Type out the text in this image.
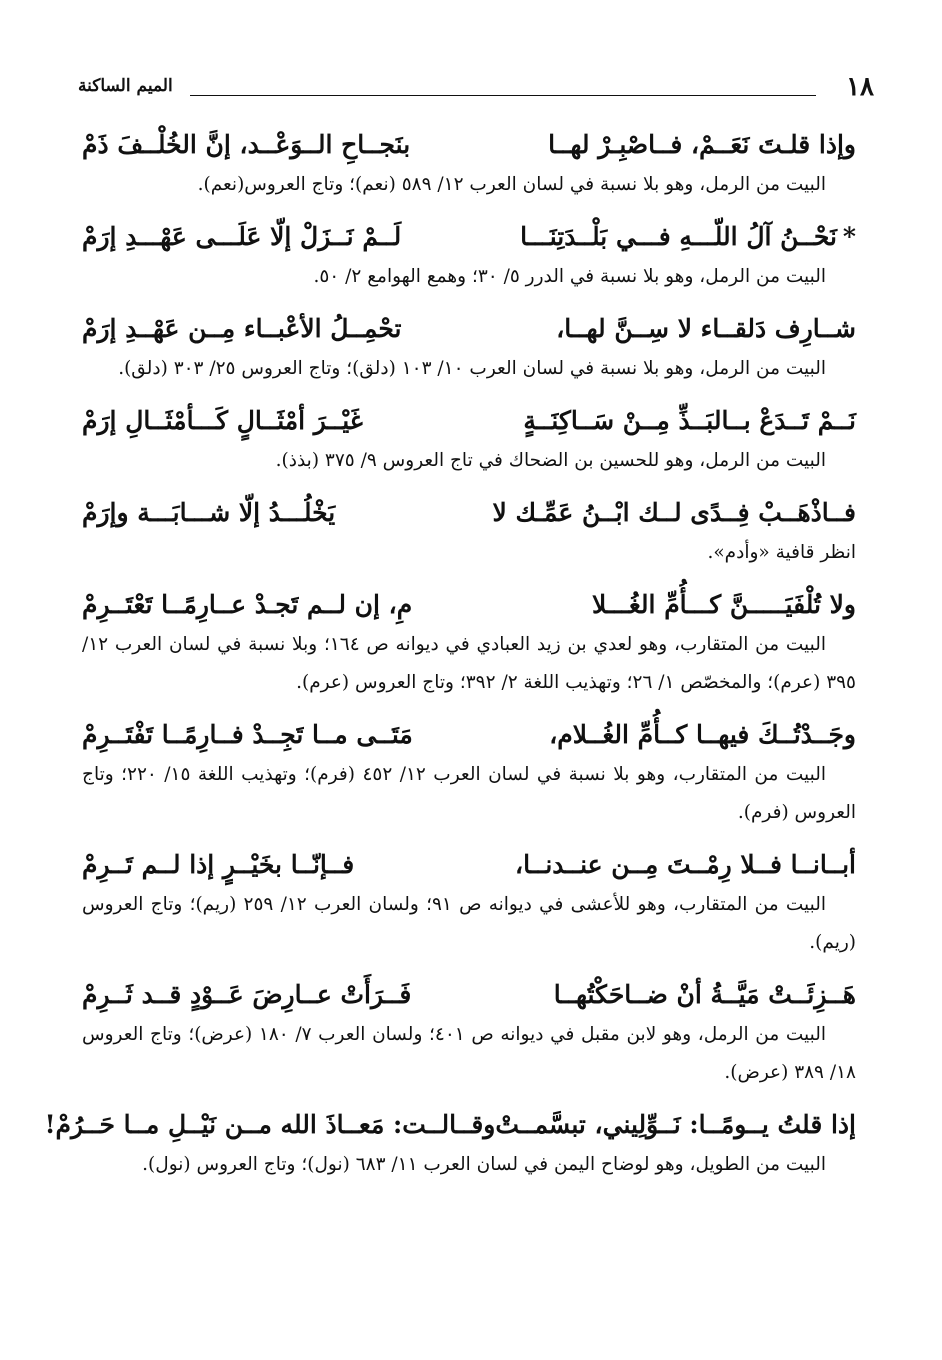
١٨
الميم الساكنة
وإذا قلـتَ نَعَــمْ، فــاصْبِـرْ لهــا
بنَجــاحِ الــوَعْــد، إنَّ الخُلْــفَ ذَمْ
البيت من الرمل، وهو بلا نسبة في لسان العرب ١٢/ ٥٨٩ (نعم)؛ وتاج العروس(نعم).
*نَحْــنُ آلُ اللّـــهِ فـــي بَلْــدَتِنَـــا
لَــمْ نَــزَلْ إلّا عَلَـــى عَهْـــدِ إرَمْ
البيت من الرمل، وهو بلا نسبة في الدرر ٥/ ٣٠؛ وهمع الهوامع ٢/ ٥٠.
شــارِف دَلقــاء لا سِــنَّ لهــا،
تحْمِــلُ الأعْبــاء مِــن عَهْــدِ إرَمْ
البيت من الرمل، وهو بلا نسبة في لسان العرب ١٠/ ١٠٣ (دلق)؛ وتاج العروس ٢٥/ ٣٠٣ (دلق).
نَــمْ تَــدَعْ بــالبَــذِّ مِــنْ سَــاكِنَــةٍ
غَيْــرَ أمْثَــالٍ كَـــأمْثَــالِ إرَمْ
البيت من الرمل، وهو للحسين بن الضحاك في تاج العروس ٩/ ٣٧٥ (بذذ).
فــاذْهَــبْ فِــدًى لــك ابْــنُ عَمِّـك لا
يَخْلُـــدُ إلّا شـــابَـــة وإرَمْ
انظر قافية «وأدم».
ولا تُلْفَيَـــــنَّ كـــأُمِّ الغُـــلا
مِ، إن لــم تَجـدْ عــارِمًــا تَعْتَــرِمْ
البيت من المتقارب، وهو لعدي بن زيد العبادي في ديوانه ص ١٦٤؛ وبلا نسبة في لسان العرب ١٢/ ٣٩٥ (عرم)؛ والمخصّص ١/ ٢٦؛ وتهذيب اللغة ٢/ ٣٩٢؛ وتاج العروس (عرم).
وجَــدْتُــكَ فيهــا كــأُمِّ الغُــلام،
مَتَــى مــا تَجِــدْ فــارِمًــا تَفْتَــرِمْ
البيت من المتقارب، وهو بلا نسبة في لسان العرب ١٢/ ٤٥٢ (فرم)؛ وتهذيب اللغة ١٥/ ٢٢٠؛ وتاج العروس (فرم).
أبــانــا فــلا رِمْــتَ مِــن عنــدنــا،
فــإنّــا بخَيْــرٍ إذا لــم تَــرِمْ
البيت من المتقارب، وهو للأعشى في ديوانه ص ٩١؛ ولسان العرب ١٢/ ٢٥٩ (ريم)؛ وتاج العروس (ريم).
هَــزِئَــتْ مَيَّــةُ أنْ ضــاحَكْتُهــا
فَــرَأَتْ عــارِضَ عَــوْدٍ قــد ثَــرِمْ
البيت من الرمل، وهو لابن مقبل في ديوانه ص ٤٠١؛ ولسان العرب ٧/ ١٨٠ (عرض)؛ وتاج العروس ١٨/ ٣٨٩ (عرض).
إذا قلتُ يــومًــا: نَــوِّلِيني، تبسَّمــتْ
وقــالــت: مَعــاذَ الله مــن نَيْــلِ مــا حَــرُمْ!
البيت من الطويل، وهو لوضاح اليمن في لسان العرب ١١/ ٦٨٣ (نول)؛ وتاج العروس (نول).
